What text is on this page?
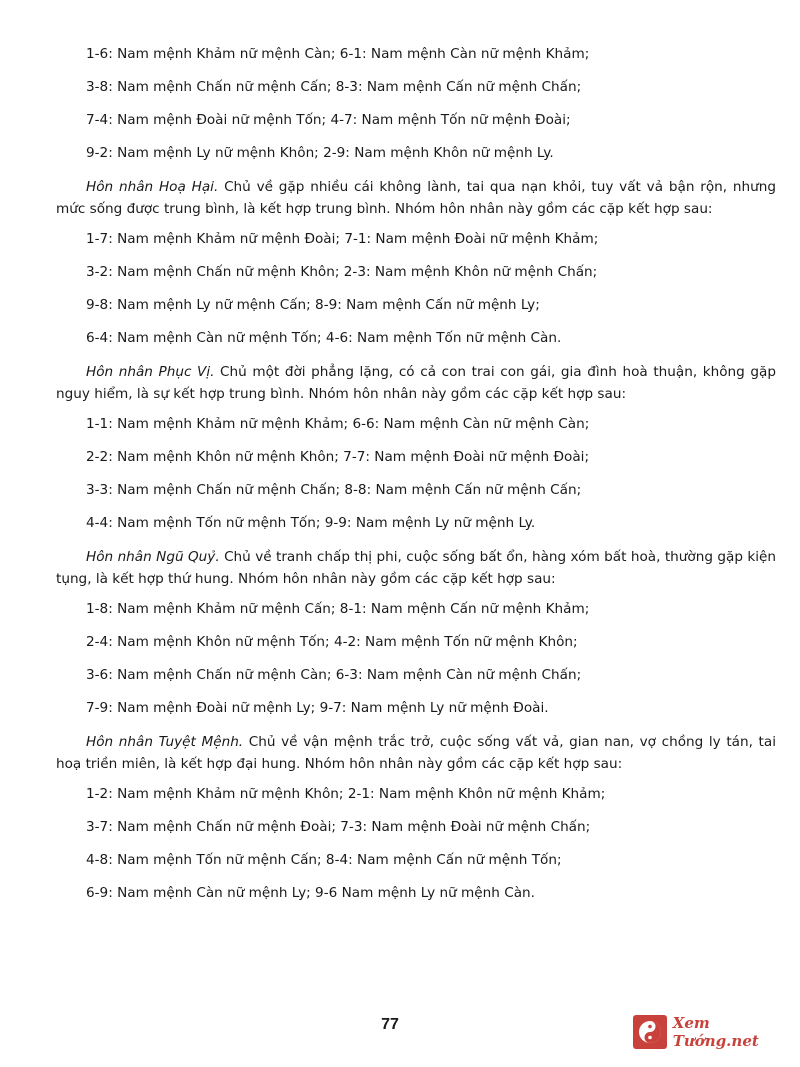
1-6: Nam mệnh Khảm nữ mệnh Càn; 6-1: Nam mệnh Càn nữ mệnh Khảm;
3-8: Nam mệnh Chấn nữ mệnh Cấn; 8-3: Nam mệnh Cấn nữ mệnh Chấn;
7-4: Nam mệnh Đoài nữ mệnh Tốn; 4-7: Nam mệnh Tốn nữ mệnh Đoài;
9-2: Nam mệnh Ly nữ mệnh Khôn; 2-9: Nam mệnh Khôn nữ mệnh Ly.
Hôn nhân Hoạ Hại. Chủ về gặp nhiều cái không lành, tai qua nạn khỏi, tuy vất vả bận rộn, nhưng mức sống được trung bình, là kết hợp trung bình. Nhóm hôn nhân này gồm các cặp kết hợp sau:
1-7: Nam mệnh Khảm nữ mệnh Đoài; 7-1: Nam mệnh Đoài nữ mệnh Khảm;
3-2: Nam mệnh Chấn nữ mệnh Khôn; 2-3: Nam mệnh Khôn nữ mệnh Chấn;
9-8: Nam mệnh Ly nữ mệnh Cấn; 8-9: Nam mệnh Cấn nữ mệnh Ly;
6-4: Nam mệnh Càn nữ mệnh Tốn; 4-6: Nam mệnh Tốn nữ mệnh Càn.
Hôn nhân Phục Vị. Chủ một đời phẳng lặng, có cả con trai con gái, gia đình hoà thuận, không gặp nguy hiểm, là sự kết hợp trung bình. Nhóm hôn nhân này gồm các cặp kết hợp sau:
1-1: Nam mệnh Khảm nữ mệnh Khảm; 6-6: Nam mệnh Càn nữ mệnh Càn;
2-2: Nam mệnh Khôn nữ mệnh Khôn; 7-7: Nam mệnh Đoài nữ mệnh Đoài;
3-3: Nam mệnh Chấn nữ mệnh Chấn; 8-8: Nam mệnh Cấn nữ mệnh Cấn;
4-4: Nam mệnh Tốn nữ mệnh Tốn; 9-9: Nam mệnh Ly nữ mệnh Ly.
Hôn nhân Ngũ Quỷ. Chủ về tranh chấp thị phi, cuộc sống bất ổn, hàng xóm bất hoà, thường gặp kiện tụng, là kết hợp thứ hung. Nhóm hôn nhân này gồm các cặp kết hợp sau:
1-8: Nam mệnh Khảm nữ mệnh Cấn; 8-1: Nam mệnh Cấn nữ mệnh Khảm;
2-4: Nam mệnh Khôn nữ mệnh Tốn; 4-2: Nam mệnh Tốn nữ mệnh Khôn;
3-6: Nam mệnh Chấn nữ mệnh Càn; 6-3: Nam mệnh Càn nữ mệnh Chấn;
7-9: Nam mệnh Đoài nữ mệnh Ly; 9-7: Nam mệnh Ly nữ mệnh Đoài.
Hôn nhân Tuyệt Mệnh. Chủ về vận mệnh trắc trở, cuộc sống vất vả, gian nan, vợ chồng ly tán, tai hoạ triền miên, là kết hợp đại hung. Nhóm hôn nhân này gồm các cặp kết hợp sau:
1-2: Nam mệnh Khảm nữ mệnh Khôn; 2-1: Nam mệnh Khôn nữ mệnh Khảm;
3-7: Nam mệnh Chấn nữ mệnh Đoài; 7-3: Nam mệnh Đoài nữ mệnh Chấn;
4-8: Nam mệnh Tốn nữ mệnh Cấn; 8-4: Nam mệnh Cấn nữ mệnh Tốn;
6-9: Nam mệnh Càn nữ mệnh Ly; 9-6 Nam mệnh Ly nữ mệnh Càn.
77	Xem Tướng.net
